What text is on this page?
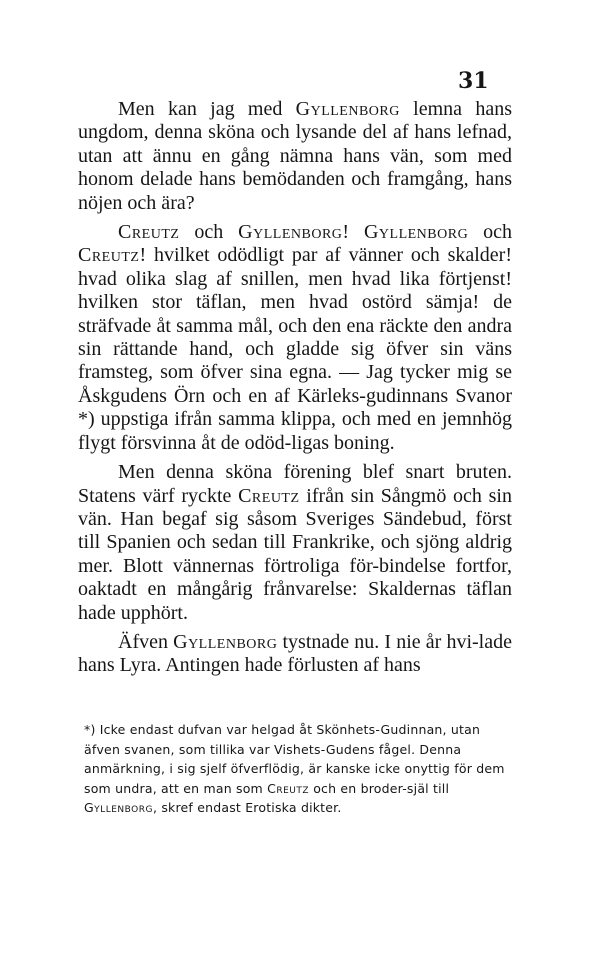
31

Men kan jag med Gyllenborg lemna hans ungdom, denna sköna och lysande del af hans lefnad, utan att ännu en gång nämna hans vän, som med honom delade hans bemödanden och framgång, hans nöjen och ära?

Creutz och Gyllenborg! Gyllenborg och Creutz! hvilket odödligt par af vänner och skalder! hvad olika slag af snillen, men hvad lika förtjenst! hvilken stor täflan, men hvad ostörd sämja! de sträfvade åt samma mål, och den ena räckte den andra sin rättande hand, och gladde sig öfver sin väns framsteg, som öfver sina egna. — Jag tycker mig se Åskgudens Örn och en af Kärleks-gudinnans Svanor *) uppstiga ifrån samma klippa, och med en jemnhög flygt försvinna åt de odöd-ligas boning.

Men denna sköna förening blef snart bruten. Statens värf ryckte Creutz ifrån sin Sångmö och sin vän. Han begaf sig såsom Sveriges Sändebud, först till Spanien och sedan till Frankrike, och sjöng aldrig mer. Blott vännernas förtroliga för-bindelse fortfor, oaktadt en mångårig frånvarelse: Skaldernas täflan hade upphört.

Äfven Gyllenborg tystnade nu. I nie år hvi-lade hans Lyra. Antingen hade förlusten af hans

*) Icke endast dufvan var helgad åt Skönhets-Gudinnan, utan äfven svanen, som tillika var Vishets-Gudens fågel. Denna anmärkning, i sig sjelf öfverflödig, är kanske icke onyttig för dem som undra, att en man som Creutz och en broder-själ till Gyllenborg, skref endast Erotiska dikter.
